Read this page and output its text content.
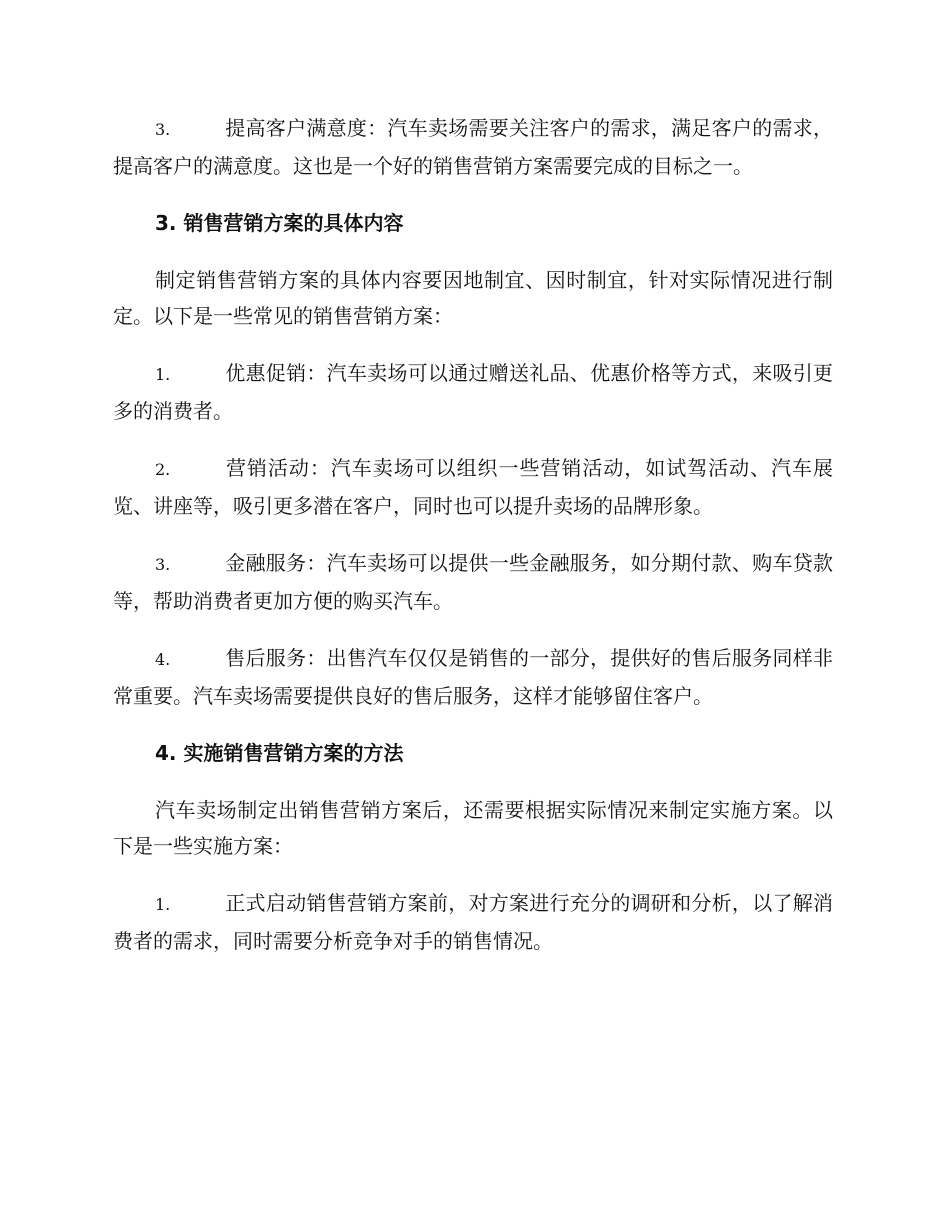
3.	提高客户满意度：汽车卖场需要关注客户的需求，满足客户的需求，提高客户的满意度。这也是一个好的销售营销方案需要完成的目标之一。

3. 销售营销方案的具体内容

制定销售营销方案的具体内容要因地制宜、因时制宜，针对实际情况进行制定。以下是一些常见的销售营销方案：

1.	优惠促销：汽车卖场可以通过赠送礼品、优惠价格等方式，来吸引更多的消费者。

2.	营销活动：汽车卖场可以组织一些营销活动，如试驾活动、汽车展览、讲座等，吸引更多潜在客户，同时也可以提升卖场的品牌形象。

3.	金融服务：汽车卖场可以提供一些金融服务，如分期付款、购车贷款等，帮助消费者更加方便的购买汽车。

4.	售后服务：出售汽车仅仅是销售的一部分，提供好的售后服务同样非常重要。汽车卖场需要提供良好的售后服务，这样才能够留住客户。

4. 实施销售营销方案的方法

汽车卖场制定出销售营销方案后，还需要根据实际情况来制定实施方案。以下是一些实施方案：

1.	正式启动销售营销方案前，对方案进行充分的调研和分析，以了解消费者的需求，同时需要分析竞争对手的销售情况。
